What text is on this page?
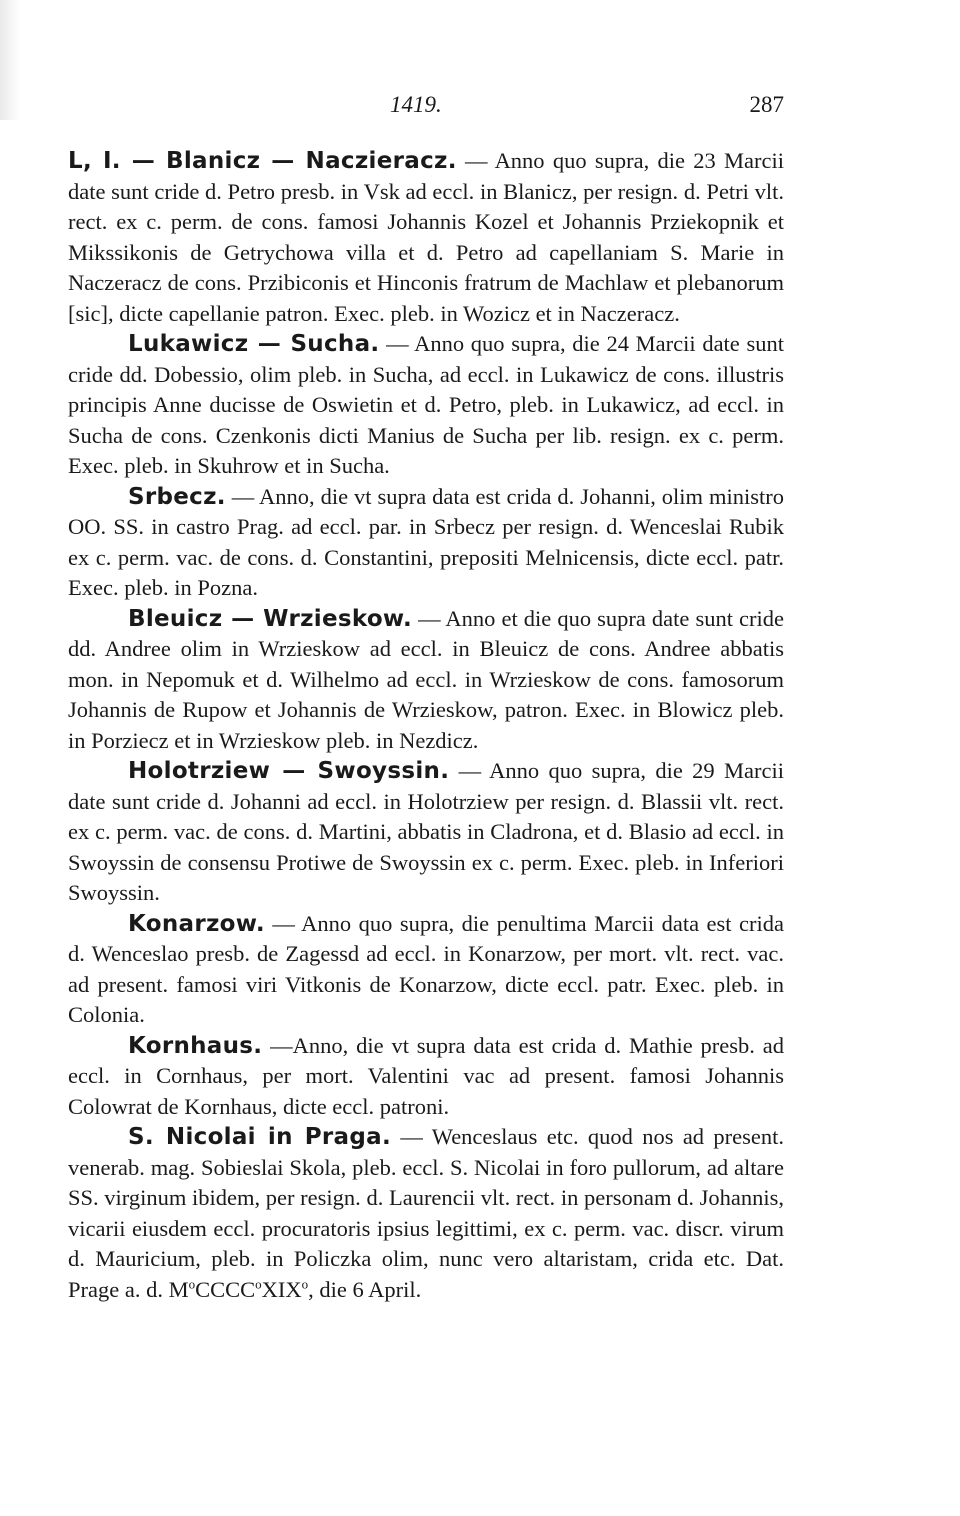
1419.	287

L, I. — Blanicz — Naczieracz. — Anno quo supra, die 23 Marcii date sunt cride d. Petro presb. in Vsk ad eccl. in Blanicz, per resign. d. Petri vlt. rect. ex c. perm. de cons. famosi Johannis Kozel et Johannis Prziekopnik et Mikssikonis de Getrychowa villa et d. Petro ad capellaniam S. Marie in Naczeracz de cons. Przibiconis et Hinconis fratrum de Machlaw et plebanorum [sic], dicte capellanie patron. Exec. pleb. in Wozicz et in Naczeracz.

Lukawicz — Sucha. — Anno quo supra, die 24 Marcii date sunt cride dd. Dobessio, olim pleb. in Sucha, ad eccl. in Lukawicz de cons. illustris principis Anne ducisse de Oswietin et d. Petro, pleb. in Lukawicz, ad eccl. in Sucha de cons. Czenkonis dicti Manius de Sucha per lib. resign. ex c. perm. Exec. pleb. in Skuhrow et in Sucha.

Srbecz. — Anno, die vt supra data est crida d. Johanni, olim ministro OO. SS. in castro Prag. ad eccl. par. in Srbecz per resign. d. Wenceslai Rubik ex c. perm. vac. de cons. d. Constantini, prepositi Melnicensis, dicte eccl. patr. Exec. pleb. in Pozna.

Bleuicz — Wrzieskow. — Anno et die quo supra date sunt cride dd. Andree olim in Wrzieskow ad eccl. in Bleuicz de cons. Andree abbatis mon. in Nepomuk et d. Wilhelmo ad eccl. in Wrzieskow de cons. famosorum Johannis de Rupow et Johannis de Wrzieskow, patron. Exec. in Blowicz pleb. in Porziecz et in Wrzieskow pleb. in Nezdicz.

Holotrziew — Swoyssin. — Anno quo supra, die 29 Marcii date sunt cride d. Johanni ad eccl. in Holotrziew per resign. d. Blassii vlt. rect. ex c. perm. vac. de cons. d. Martini, abbatis in Cladrona, et d. Blasio ad eccl. in Swoyssin de consensu Protiwe de Swoyssin ex c. perm. Exec. pleb. in Inferiori Swoyssin.

Konarzow. — Anno quo supra, die penultima Marcii data est crida d. Wenceslao presb. de Zagessd ad eccl. in Konarzow, per mort. vlt. rect. vac. ad present. famosi viri Vitkonis de Konarzow, dicte eccl. patr. Exec. pleb. in Colonia.

Kornhaus. —Anno, die vt supra data est crida d. Mathie presb. ad eccl. in Cornhaus, per mort. Valentini vac ad present. famosi Johannis Colowrat de Kornhaus, dicte eccl. patroni.

S. Nicolai in Praga. — Wenceslaus etc. quod nos ad present. venerab. mag. Sobieslai Skola, pleb. eccl. S. Nicolai in foro pullorum, ad altare SS. virginum ibidem, per resign. d. Laurencii vlt. rect. in personam d. Johannis, vicarii eiusdem eccl. procuratoris ipsius legittimi, ex c. perm. vac. discr. virum d. Mauricium, pleb. in Policzka olim, nunc vero altaristam, crida etc. Dat. Prage a. d. $M^oCCCC^oXIX^o$, die 6 April.
